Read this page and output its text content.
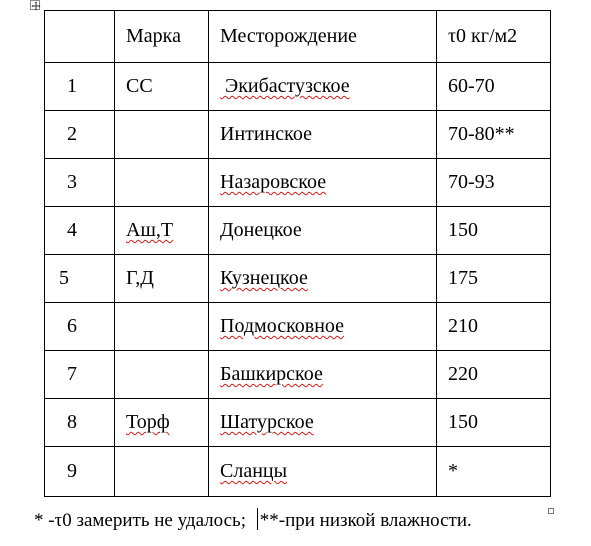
	Марка	Месторождение	τ0 кг/м2
1	СС	Экибастузское	60-70
2		Интинское	70-80**
3		Назаровское	70-93
4	Аш,Т	Донецкое	150
5	Г,Д	Кузнецкое	175
6		Подмосковное	210
7		Башкирское	220
8	Торф	Шатурское	150
9		Сланцы	*
* -τ0 замерить не удалось; **-при низкой влажности.
